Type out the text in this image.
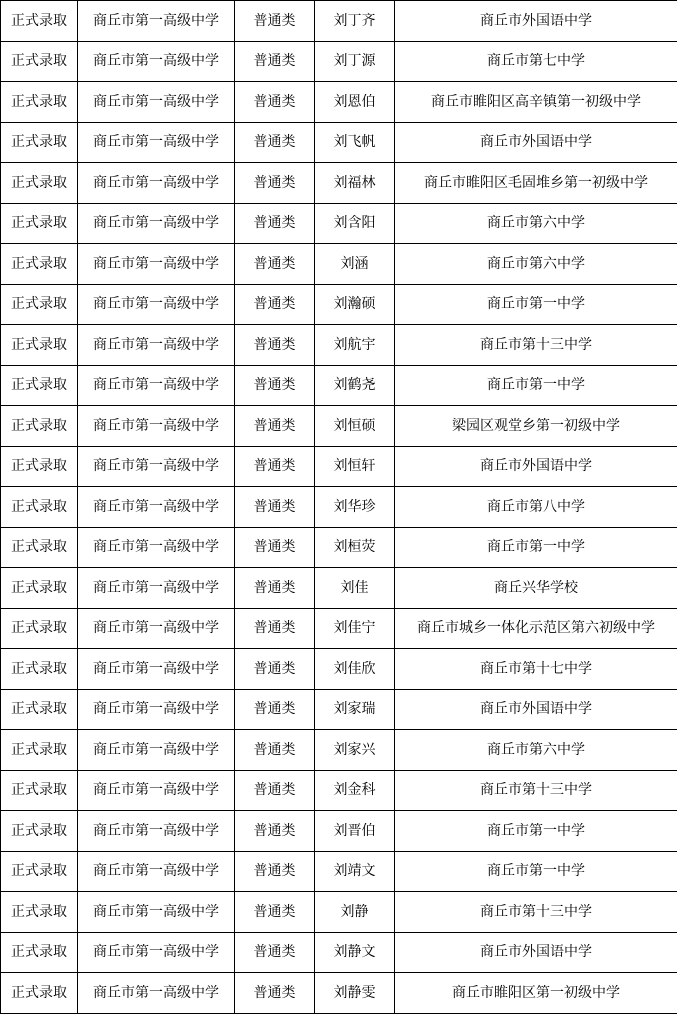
正式录取	商丘市第一高级中学	普通类	刘丁齐	商丘市外国语中学
正式录取	商丘市第一高级中学	普通类	刘丁源	商丘市第七中学
正式录取	商丘市第一高级中学	普通类	刘恩伯	商丘市睢阳区高辛镇第一初级中学
正式录取	商丘市第一高级中学	普通类	刘飞帆	商丘市外国语中学
正式录取	商丘市第一高级中学	普通类	刘福林	商丘市睢阳区毛固堆乡第一初级中学
正式录取	商丘市第一高级中学	普通类	刘含阳	商丘市第六中学
正式录取	商丘市第一高级中学	普通类	刘涵	商丘市第六中学
正式录取	商丘市第一高级中学	普通类	刘瀚硕	商丘市第一中学
正式录取	商丘市第一高级中学	普通类	刘航宇	商丘市第十三中学
正式录取	商丘市第一高级中学	普通类	刘鹤尧	商丘市第一中学
正式录取	商丘市第一高级中学	普通类	刘恒硕	梁园区观堂乡第一初级中学
正式录取	商丘市第一高级中学	普通类	刘恒轩	商丘市外国语中学
正式录取	商丘市第一高级中学	普通类	刘华珍	商丘市第八中学
正式录取	商丘市第一高级中学	普通类	刘桓荧	商丘市第一中学
正式录取	商丘市第一高级中学	普通类	刘佳	商丘兴华学校
正式录取	商丘市第一高级中学	普通类	刘佳宁	商丘市城乡一体化示范区第六初级中学
正式录取	商丘市第一高级中学	普通类	刘佳欣	商丘市第十七中学
正式录取	商丘市第一高级中学	普通类	刘家瑞	商丘市外国语中学
正式录取	商丘市第一高级中学	普通类	刘家兴	商丘市第六中学
正式录取	商丘市第一高级中学	普通类	刘金科	商丘市第十三中学
正式录取	商丘市第一高级中学	普通类	刘晋伯	商丘市第一中学
正式录取	商丘市第一高级中学	普通类	刘靖文	商丘市第一中学
正式录取	商丘市第一高级中学	普通类	刘静	商丘市第十三中学
正式录取	商丘市第一高级中学	普通类	刘静文	商丘市外国语中学
正式录取	商丘市第一高级中学	普通类	刘静雯	商丘市睢阳区第一初级中学
